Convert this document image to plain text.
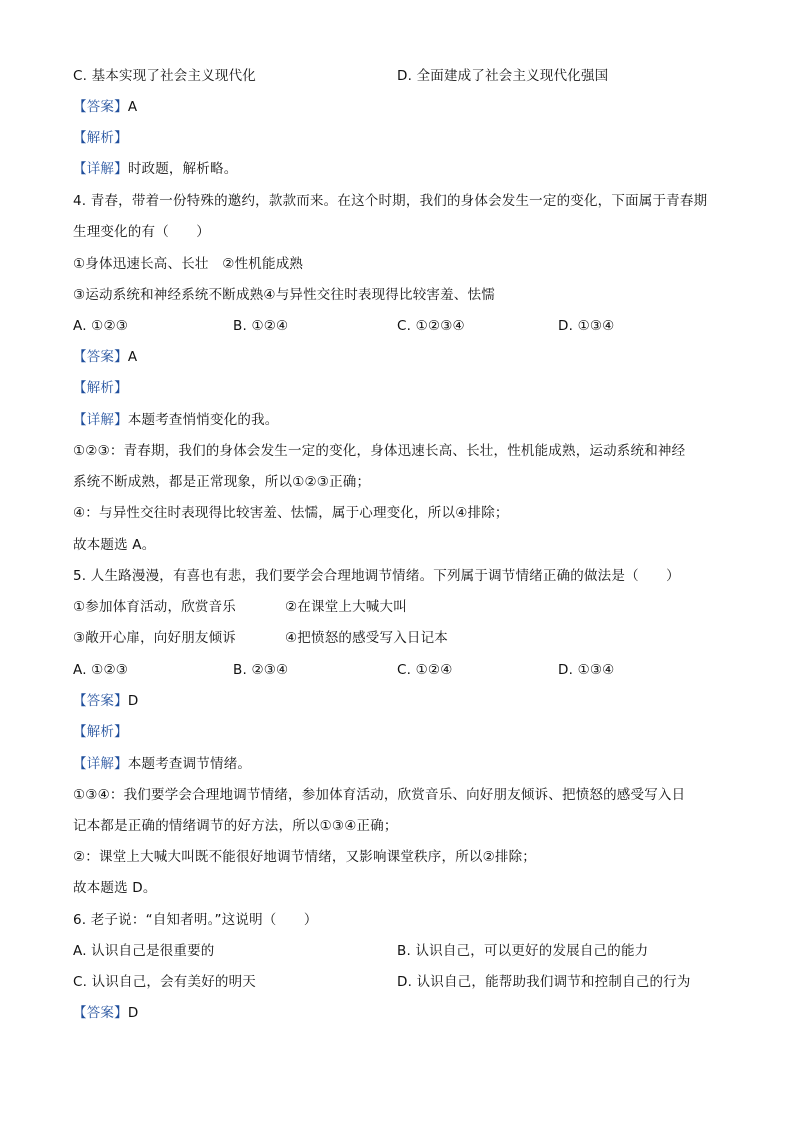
C. 基本实现了社会主义现代化	D. 全面建成了社会主义现代化强国
【答案】A
【解析】
【详解】时政题，解析略。
4. 青春，带着一份特殊的邀约，款款而来。在这个时期，我们的身体会发生一定的变化，下面属于青春期
生理变化的有（　　）
①身体迅速长高、长壮　②性机能成熟
③运动系统和神经系统不断成熟④与异性交往时表现得比较害羞、怯懦
A. ①②③	B. ①②④	C. ①②③④	D. ①③④
【答案】A
【解析】
【详解】本题考查悄悄变化的我。
①②③：青春期，我们的身体会发生一定的变化，身体迅速长高、长壮，性机能成熟，运动系统和神经
系统不断成熟，都是正常现象，所以①②③正确；
④：与异性交往时表现得比较害羞、怯懦，属于心理变化，所以④排除；
故本题选 A。
5. 人生路漫漫，有喜也有悲，我们要学会合理地调节情绪。下列属于调节情绪正确的做法是（　　）
①参加体育活动，欣赏音乐	②在课堂上大喊大叫
③敞开心扉，向好朋友倾诉	④把愤怒的感受写入日记本
A. ①②③	B. ②③④	C. ①②④	D. ①③④
【答案】D
【解析】
【详解】本题考查调节情绪。
①③④：我们要学会合理地调节情绪，参加体育活动，欣赏音乐、向好朋友倾诉、把愤怒的感受写入日
记本都是正确的情绪调节的好方法，所以①③④正确；
②：课堂上大喊大叫既不能很好地调节情绪，又影响课堂秩序，所以②排除；
故本题选 D。
6. 老子说：“自知者明。”这说明（　　）
A. 认识自己是很重要的	B. 认识自己，可以更好的发展自己的能力
C. 认识自己，会有美好的明天	D. 认识自己，能帮助我们调节和控制自己的行为
【答案】D
